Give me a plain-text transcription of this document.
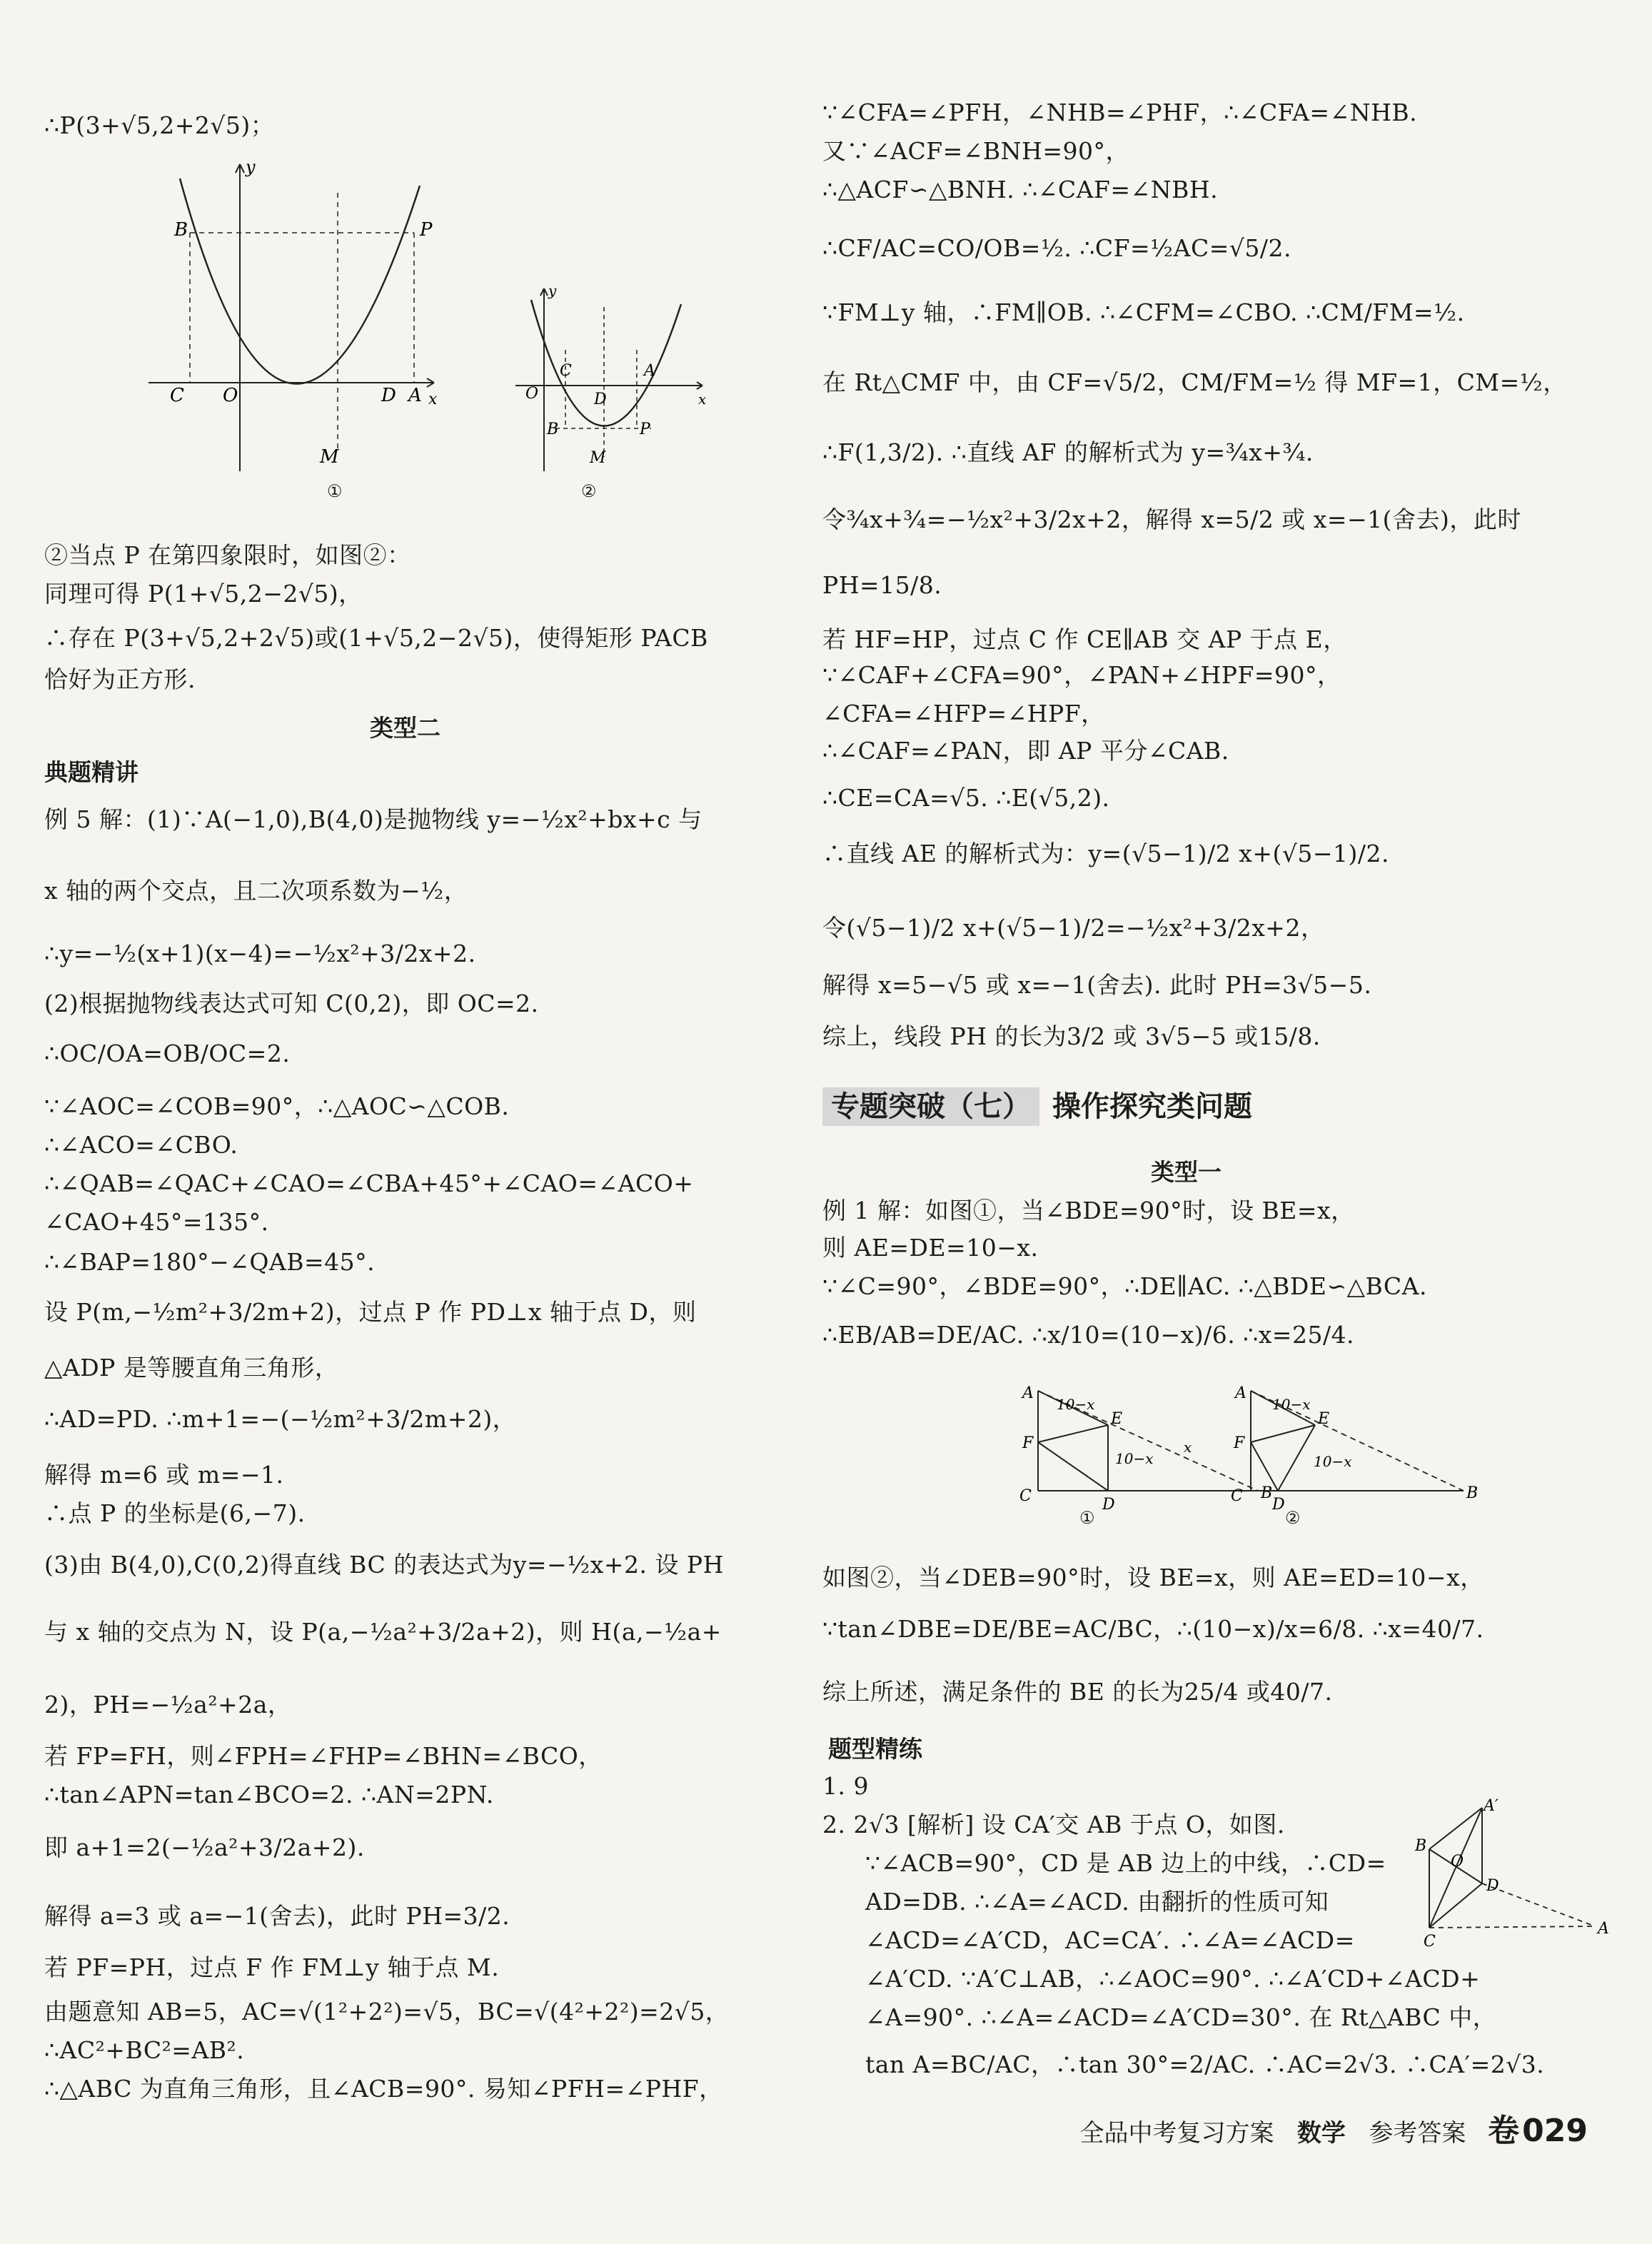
∴P(3+√5,2+2√5)；
y
x
B	P
C O	D A
M
①
y
x
O
C	A
D
B	P
M
②
②当点 P 在第四象限时，如图②：
同理可得 P(1+√5,2−2√5)，
∴存在 P(3+√5,2+2√5)或(1+√5,2−2√5)，使得矩形 PACB
恰好为正方形.
类型二
典题精讲
例 5 解：(1)∵A(−1,0),B(4,0)是抛物线 y=−½x²+bx+c 与
x 轴的两个交点，且二次项系数为−½，
∴y=−½(x+1)(x−4)=−½x²+3/2x+2.
(2)根据抛物线表达式可知 C(0,2)，即 OC=2.
∴OC/OA=OB/OC=2.
∵∠AOC=∠COB=90°，∴△AOC∽△COB.
∴∠ACO=∠CBO.
∴∠QAB=∠QAC+∠CAO=∠CBA+45°+∠CAO=∠ACO+
∠CAO+45°=135°.
∴∠BAP=180°−∠QAB=45°.
设 P(m,−½m²+3/2m+2)，过点 P 作 PD⊥x 轴于点 D，则
△ADP 是等腰直角三角形，
∴AD=PD. ∴m+1=−(−½m²+3/2m+2)，
解得 m=6 或 m=−1.
∴点 P 的坐标是(6,−7).
(3)由 B(4,0),C(0,2)得直线 BC 的表达式为y=−½x+2. 设 PH
与 x 轴的交点为 N，设 P(a,−½a²+3/2a+2)，则 H(a,−½a+
2)，PH=−½a²+2a，
若 FP=FH，则∠FPH=∠FHP=∠BHN=∠BCO，
∴tan∠APN=tan∠BCO=2. ∴AN=2PN.
即 a+1=2(−½a²+3/2a+2).
解得 a=3 或 a=−1(舍去)，此时 PH=3/2.
若 PF=PH，过点 F 作 FM⊥y 轴于点 M.
由题意知 AB=5，AC=√(1²+2²)=√5，BC=√(4²+2²)=2√5，
∴AC²+BC²=AB².
∴△ABC 为直角三角形，且∠ACB=90°. 易知∠PFH=∠PHF，
∵∠CFA=∠PFH，∠NHB=∠PHF，∴∠CFA=∠NHB.
又∵∠ACF=∠BNH=90°，
∴△ACF∽△BNH. ∴∠CAF=∠NBH.
∴CF/AC=CO/OB=½. ∴CF=½AC=√5/2.
∵FM⊥y 轴，∴FM∥OB. ∴∠CFM=∠CBO. ∴CM/FM=½.
在 Rt△CMF 中，由 CF=√5/2，CM/FM=½ 得 MF=1，CM=½，
∴F(1,3/2). ∴直线 AF 的解析式为 y=¾x+¾.
令¾x+¾=−½x²+3/2x+2，解得 x=5/2 或 x=−1(舍去)，此时
PH=15/8.
若 HF=HP，过点 C 作 CE∥AB 交 AP 于点 E，
∵∠CAF+∠CFA=90°，∠PAN+∠HPF=90°，
∠CFA=∠HFP=∠HPF，
∴∠CAF=∠PAN，即 AP 平分∠CAB.
∴CE=CA=√5. ∴E(√5,2).
∴直线 AE 的解析式为：y=(√5−1)/2 x+(√5−1)/2.
令(√5−1)/2 x+(√5−1)/2=−½x²+3/2x+2，
解得 x=5−√5 或 x=−1(舍去). 此时 PH=3√5−5.
综上，线段 PH 的长为3/2 或 3√5−5 或15/8.
专题突破（七） 操作探究类问题
类型一
例 1 解：如图①，当∠BDE=90°时，设 BE=x，
则 AE=DE=10−x.
∵∠C=90°，∠BDE=90°，∴DE∥AC. ∴△BDE∽△BCA.
∴EB/AB=DE/AC. ∴x/10=(10−x)/6. ∴x=25/4.
A
E
F
C	D
B
10−x
10−x
x
①
A
E
F
C D
B
10−x
10−x
②
如图②，当∠DEB=90°时，设 BE=x，则 AE=ED=10−x，
∵tan∠DBE=DE/BE=AC/BC，∴(10−x)/x=6/8. ∴x=40/7.
综上所述，满足条件的 BE 的长为25/4 或40/7.
题型精练
1. 9
2. 2√3 [解析] 设 CA′交 AB 于点 O，如图.
∵∠ACB=90°，CD 是 AB 边上的中线，∴CD=
AD=DB. ∴∠A=∠ACD. 由翻折的性质可知
∠ACD=∠A′CD，AC=CA′. ∴∠A=∠ACD=
∠A′CD. ∵A′C⊥AB，∴∠AOC=90°. ∴∠A′CD+∠ACD+
∠A=90°. ∴∠A=∠ACD=∠A′CD=30°. 在 Rt△ABC 中，
tan A=BC/AC，∴tan 30°=2/AC. ∴AC=2√3. ∴CA′=2√3.
A′
B
O
D
C
A
全品中考复习方案 数学 参考答案 卷029
